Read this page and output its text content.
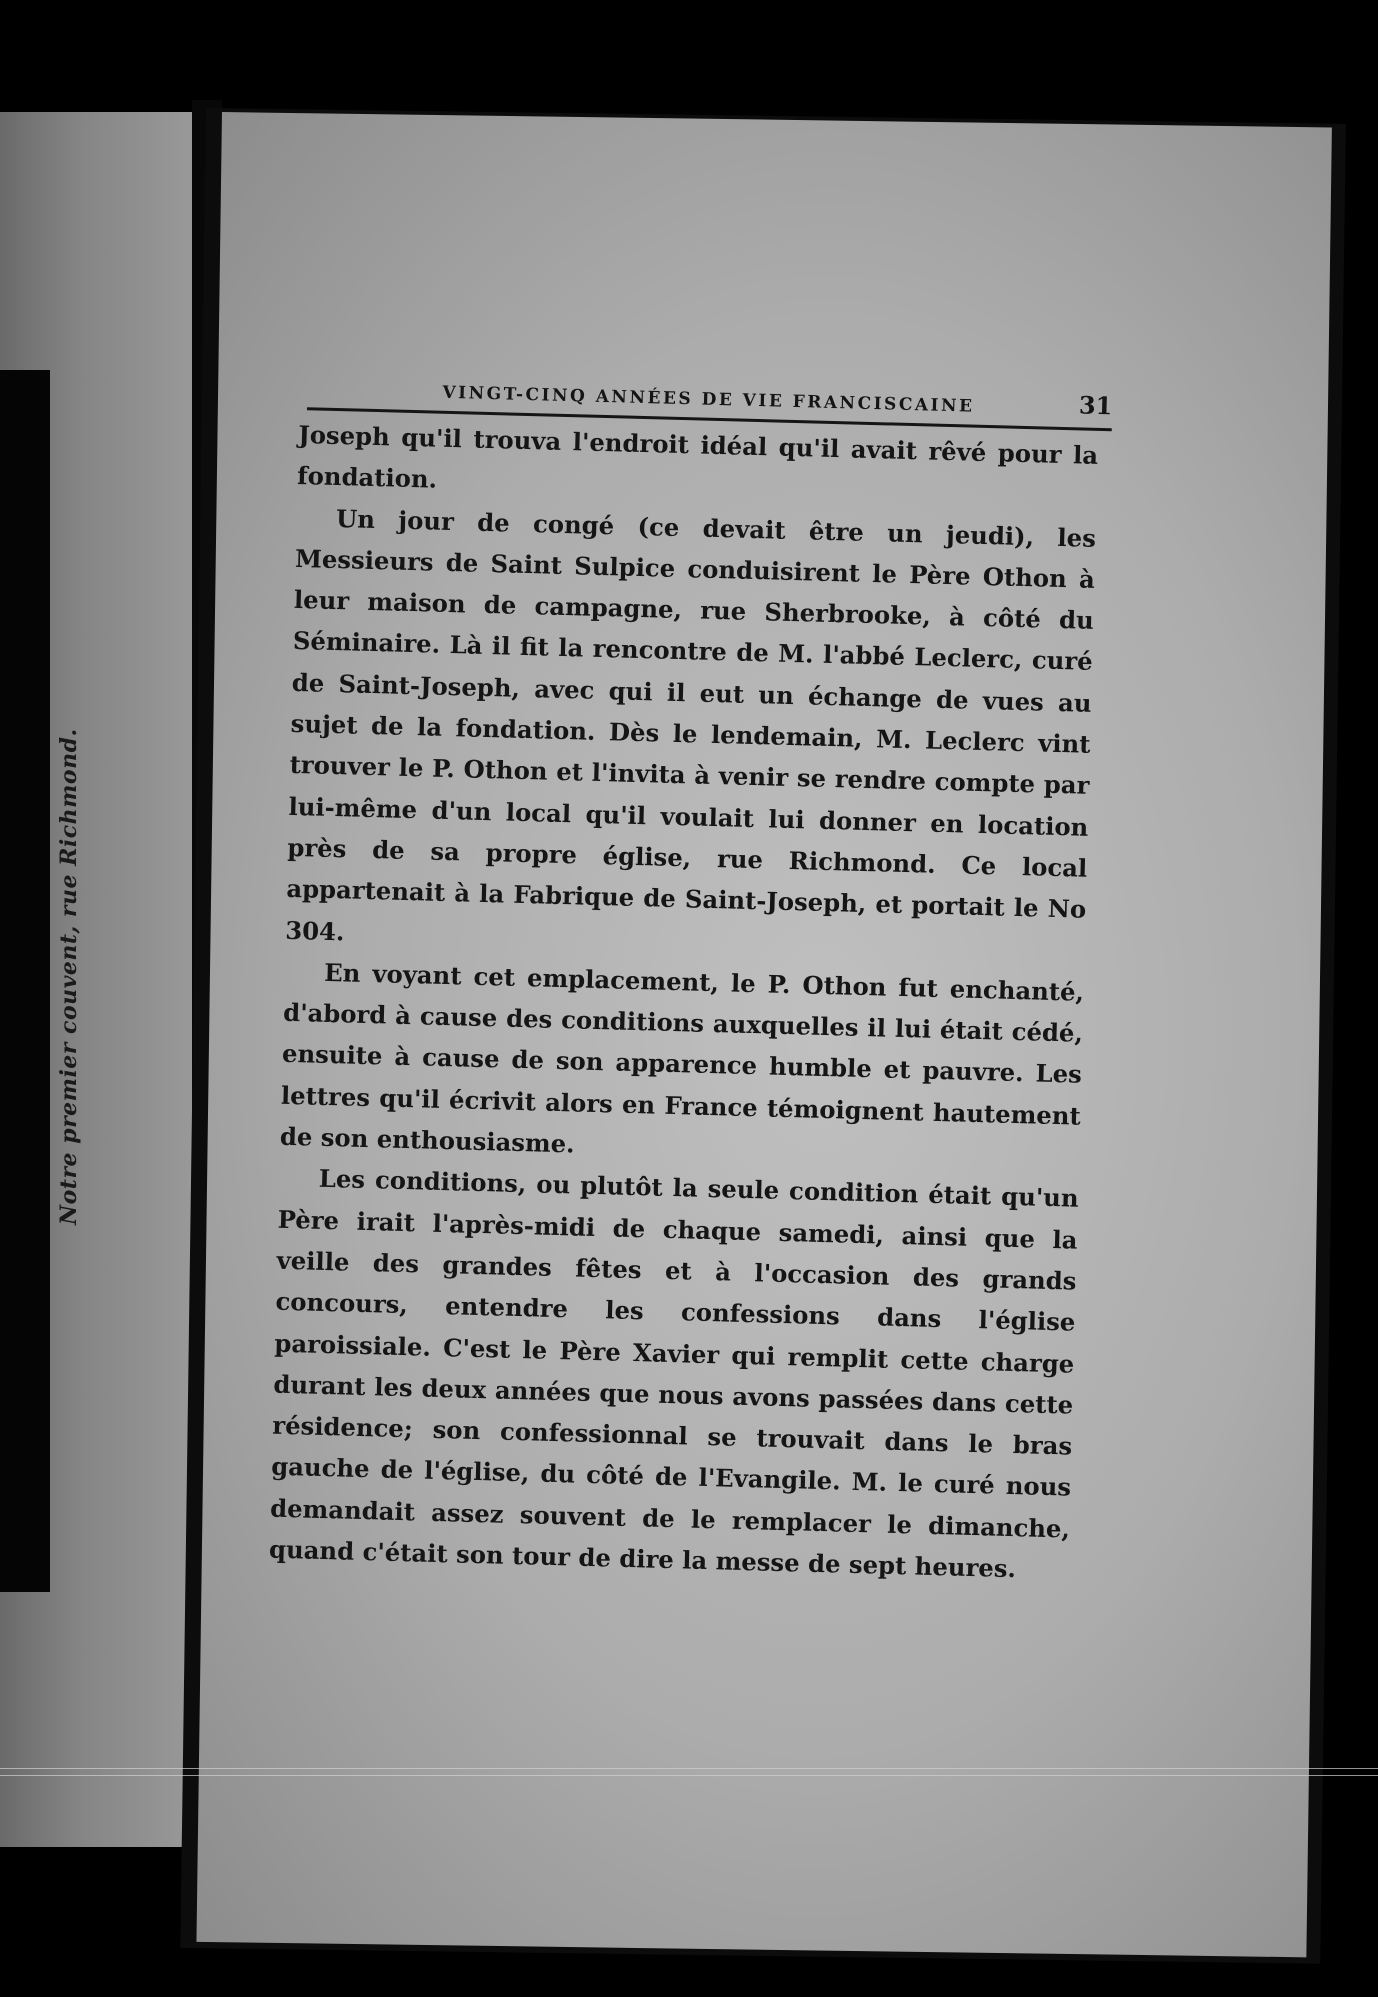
Notre premier couvent, rue Richmond.
VINGT-CINQ ANNÉES DE VIE FRANCISCAINE	31

Joseph qu'il trouva l'endroit idéal qu'il avait rêvé pour la fondation.

Un jour de congé (ce devait être un jeudi), les Messieurs de Saint Sulpice conduisirent le Père Othon à leur maison de campagne, rue Sherbrooke, à côté du Séminaire. Là il fit la rencontre de M. l'abbé Leclerc, curé de Saint-Joseph, avec qui il eut un échange de vues au sujet de la fondation. Dès le lendemain, M. Leclerc vint trouver le P. Othon et l'invita à venir se rendre compte par lui-même d'un local qu'il voulait lui donner en location près de sa propre église, rue Richmond. Ce local appartenait à la Fabrique de Saint-Joseph, et portait le No 304.

En voyant cet emplacement, le P. Othon fut enchanté, d'abord à cause des conditions auxquelles il lui était cédé, ensuite à cause de son apparence humble et pauvre. Les lettres qu'il écrivit alors en France témoignent hautement de son enthousiasme.

Les conditions, ou plutôt la seule condition était qu'un Père irait l'après-midi de chaque samedi, ainsi que la veille des grandes fêtes et à l'occasion des grands concours, entendre les confessions dans l'église paroissiale. C'est le Père Xavier qui remplit cette charge durant les deux années que nous avons passées dans cette résidence; son confessionnal se trouvait dans le bras gauche de l'église, du côté de l'Evangile. M. le curé nous demandait assez souvent de le remplacer le dimanche, quand c'était son tour de dire la messe de sept heures.
